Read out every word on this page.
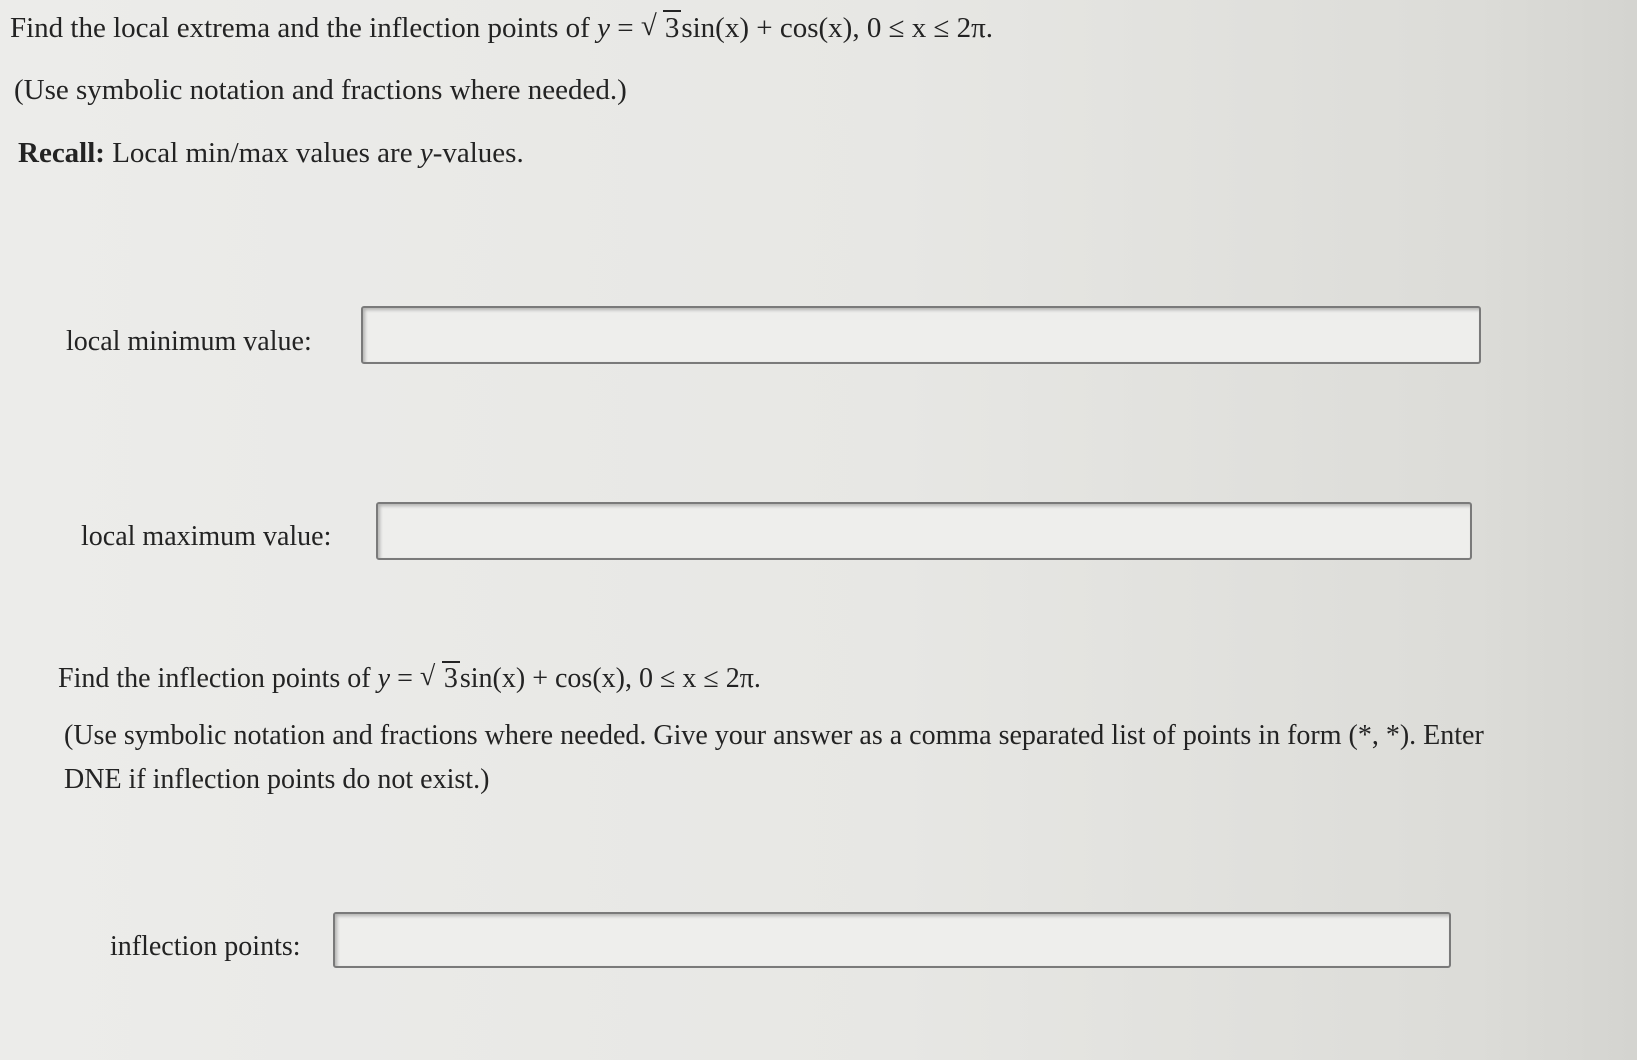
Find the local extrema and the inflection points of y = √ 3sin(x) + cos(x), 0 ≤ x ≤ 2π.
(Use symbolic notation and fractions where needed.)
Recall: Local min/max values are y-values.
local minimum value:
local maximum value:
Find the inflection points of y = √ 3sin(x) + cos(x), 0 ≤ x ≤ 2π.
(Use symbolic notation and fractions where needed. Give your answer as a comma separated list of points in form (*, *). Enter DNE if inflection points do not exist.)
inflection points:
